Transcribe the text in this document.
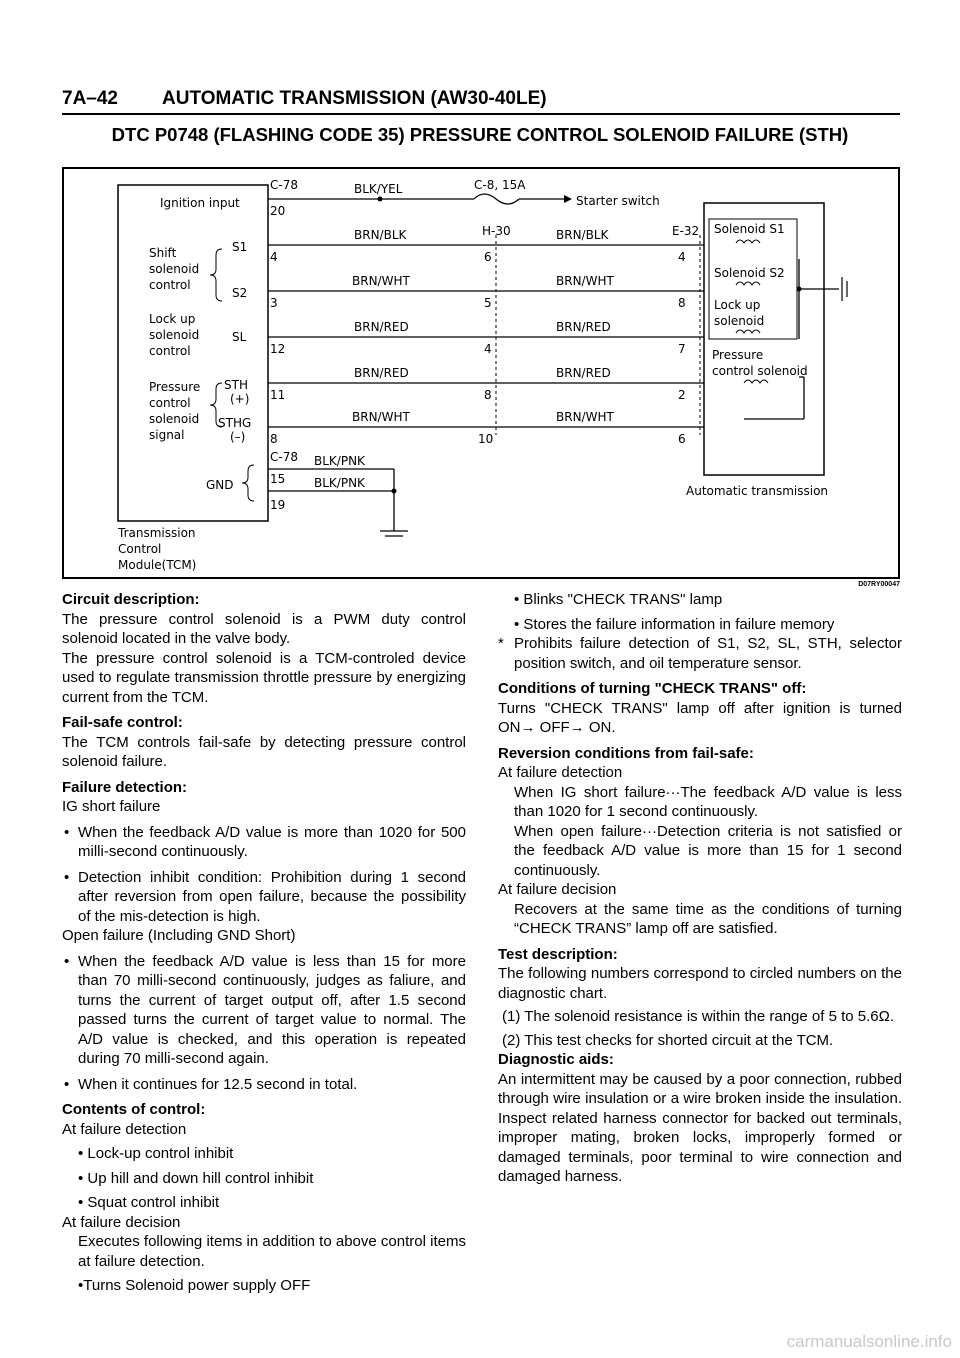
7A–42 AUTOMATIC TRANSMISSION (AW30-40LE)
DTC P0748 (FLASHING CODE 35) PRESSURE CONTROL SOLENOID FAILURE (STH)
Ignition input
Shift
solenoid
control
Lock up
solenoid
control
Pressure
control
solenoid
signal
S1
S2
SL
STH
(+)
STHG
(–)
GND
Transmission
Control
Module(TCM)
C-78	C-8, 15A
H-30	E-32
C-78
Starter switch
BLK/YEL
BRN/BLK	BRN/BLK
BRN/WHT	BRN/WHT
BRN/RED	BRN/RED
BRN/RED	BRN/RED
BRN/WHT	BRN/WHT
BLK/PNK
BLK/PNK
20
4
3
12
11
8
15
19
6
5
4
8
10
4
8
7
2
6
Solenoid S1
Solenoid S2
Lock up
solenoid
Pressure
control solenoid
Automatic transmission
D07RY00047

Circuit description:

The pressure control solenoid is a PWM duty control solenoid located in the valve body.

The pressure control solenoid is a TCM-controled device used to regulate transmission throttle pressure by energizing current from the TCM.

Fail-safe control:

The TCM controls fail-safe by detecting pressure control solenoid failure.

Failure detection:

IG short failure

• When the feedback A/D value is more than 1020 for 500 milli-second continuously.

• Detection inhibit condition: Prohibition during 1 second after reversion from open failure, because the possibility of the mis-detection is high.

Open failure (Including GND Short)

• When the feedback A/D value is less than 15 for more than 70 milli-second continuously, judges as faliure, and turns the current of target output off, after 1.5 second passed turns the current of target value to normal. The A/D value is checked, and this operation is repeated during 70 milli-second again.

• When it continues for 12.5 second in total.

Contents of control:

At failure detection

• Lock-up control inhibit

• Up hill and down hill control inhibit

• Squat control inhibit

At failure decision

Executes following items in addition to above control items at failure detection.

•Turns Solenoid power supply OFF

• Blinks "CHECK TRANS" lamp

• Stores the failure information in failure memory

* Prohibits failure detection of S1, S2, SL, STH, selector position switch, and oil temperature sensor.

Conditions of turning "CHECK TRANS" off:

Turns "CHECK TRANS" lamp off after ignition is turned ON→ OFF→ ON.

Reversion conditions from fail-safe:

At failure detection

When IG short failure···The feedback A/D value is less than 1020 for 1 second continuously.

When open failure···Detection criteria is not satisfied or the feedback A/D value is more than 15 for 1 second continuously.

At failure decision

Recovers at the same time as the conditions of turning “CHECK TRANS” lamp off are satisfied.

Test description:

The following numbers correspond to circled numbers on the diagnostic chart.

(1) The solenoid resistance is within the range of 5 to 5.6Ω.

(2) This test checks for shorted circuit at the TCM.

Diagnostic aids:

An intermittent may be caused by a poor connection, rubbed through wire insulation or a wire broken inside the insulation. Inspect related harness connector for backed out terminals, improper mating, broken locks, improperly formed or damaged terminals, poor terminal to wire connection and damaged harness.

carmanualsonline.info
